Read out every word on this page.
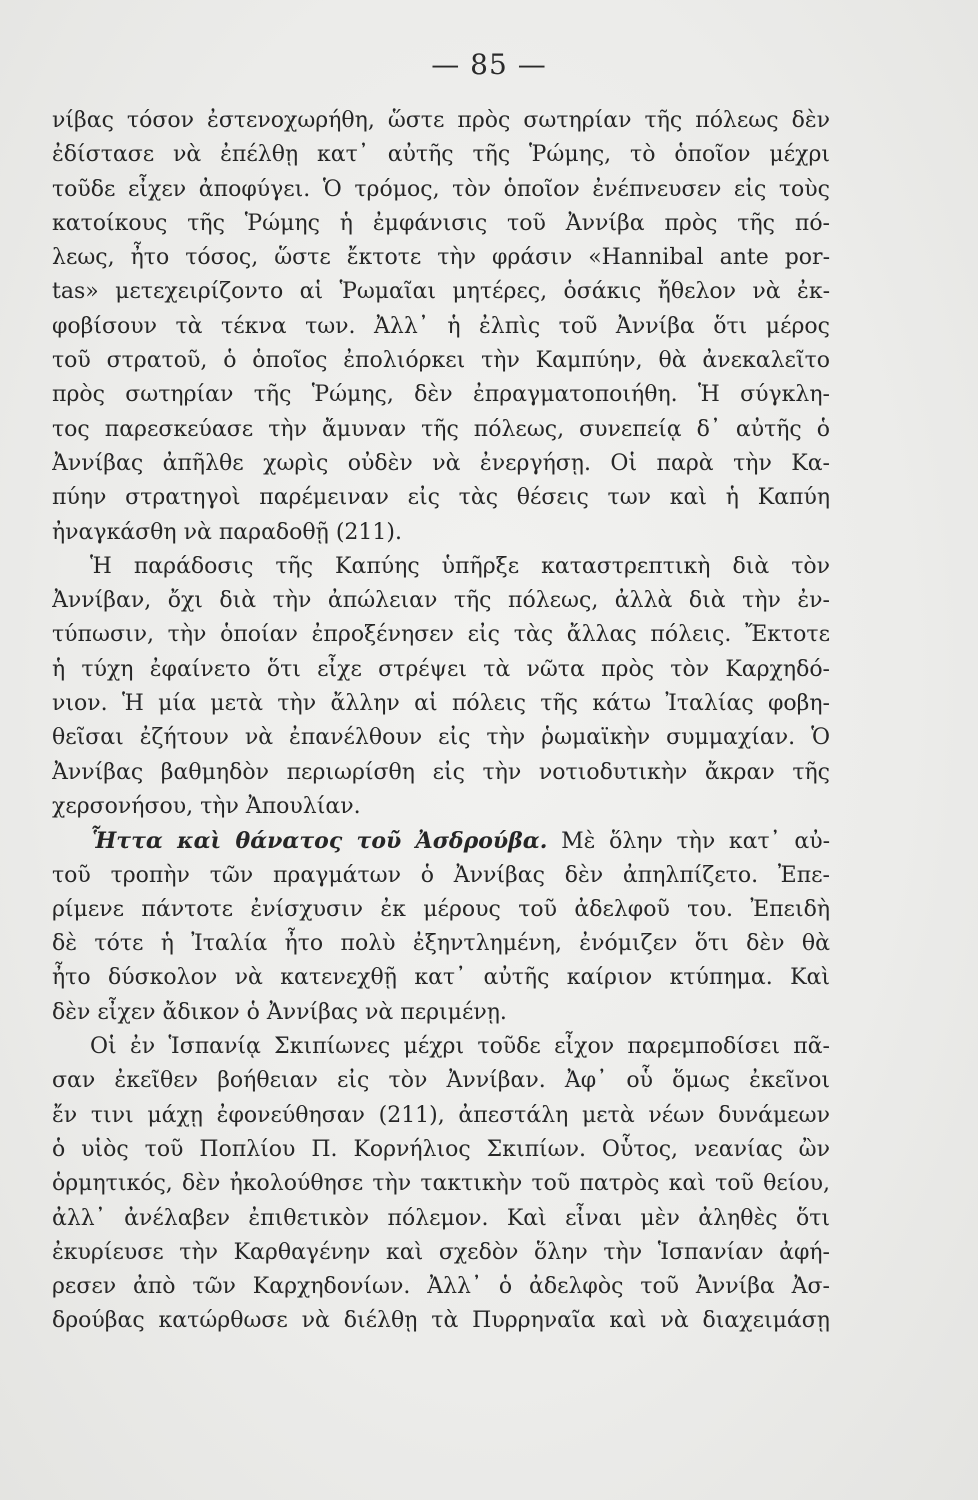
— 85 —
νίβας τόσον ἐστενοχωρήθη, ὥστε πρὸς σωτηρίαν τῆς πόλεως δὲν
ἐδίστασε νὰ ἐπέλθῃ κατ᾽ αὐτῆς τῆς Ῥώμης, τὸ ὁποῖον μέχρι
τοῦδε εἶχεν ἀποφύγει. Ὁ τρόμος, τὸν ὁποῖον ἐνέπνευσεν εἰς τοὺς
κατοίκους τῆς Ῥώμης ἡ ἐμφάνισις τοῦ Ἀννίβα πρὸς τῆς πό-
λεως, ἦτο τόσος, ὥστε ἔκτοτε τὴν φράσιν «Hannibal ante por-
tas» μετεχειρίζοντο αἱ Ῥωμαῖαι μητέρες, ὁσάκις ἤθελον νὰ ἐκ-
φοβίσουν τὰ τέκνα των. Ἀλλ᾽ ἡ ἐλπὶς τοῦ Ἀννίβα ὅτι μέρος
τοῦ στρατοῦ, ὁ ὁποῖος ἐπολιόρκει τὴν Καμπύην, θὰ ἀνεκαλεῖτο
πρὸς σωτηρίαν τῆς Ῥώμης, δὲν ἐπραγματοποιήθη. Ἡ σύγκλη-
τος παρεσκεύασε τὴν ἄμυναν τῆς πόλεως, συνεπείᾳ δ᾽ αὐτῆς ὁ
Ἀννίβας ἀπῆλθε χωρὶς οὐδὲν νὰ ἐνεργήσῃ. Οἱ παρὰ τὴν Κα-
πύην στρατηγοὶ παρέμειναν εἰς τὰς θέσεις των καὶ ἡ Καπύη
ἠναγκάσθη νὰ παραδοθῇ (211).
Ἡ παράδοσις τῆς Καπύης ὑπῆρξε καταστρεπτικὴ διὰ τὸν
Ἀννίβαν, ὄχι διὰ τὴν ἀπώλειαν τῆς πόλεως, ἀλλὰ διὰ τὴν ἐν-
τύπωσιν, τὴν ὁποίαν ἐπροξένησεν εἰς τὰς ἄλλας πόλεις. Ἔκτοτε
ἡ τύχη ἐφαίνετο ὅτι εἶχε στρέψει τὰ νῶτα πρὸς τὸν Καρχηδό-
νιον. Ἡ μία μετὰ τὴν ἄλλην αἱ πόλεις τῆς κάτω Ἰταλίας φοβη-
θεῖσαι ἐζήτουν νὰ ἐπανέλθουν εἰς τὴν ῥωμαϊκὴν συμμαχίαν. Ὁ
Ἀννίβας βαθμηδὸν περιωρίσθη εἰς τὴν νοτιοδυτικὴν ἄκραν τῆς
χερσονήσου, τὴν Ἀπουλίαν.
Ἧττα καὶ θάνατος τοῦ Ἀσδρούβα. Μὲ ὅλην τὴν κατ᾽ αὐ-
τοῦ τροπὴν τῶν πραγμάτων ὁ Ἀννίβας δὲν ἀπηλπίζετο. Ἐπε-
ρίμενε πάντοτε ἐνίσχυσιν ἐκ μέρους τοῦ ἀδελφοῦ του. Ἐπειδὴ
δὲ τότε ἡ Ἰταλία ἦτο πολὺ ἐξηντλημένη, ἐνόμιζεν ὅτι δὲν θὰ
ἦτο δύσκολον νὰ κατενεχθῇ κατ᾽ αὐτῆς καίριον κτύπημα. Καὶ
δὲν εἶχεν ἄδικον ὁ Ἀννίβας νὰ περιμένῃ.
Οἱ ἐν Ἱσπανίᾳ Σκιπίωνες μέχρι τοῦδε εἶχον παρεμποδίσει πᾶ-
σαν ἐκεῖθεν βοήθειαν εἰς τὸν Ἀννίβαν. Ἀφ᾽ οὗ ὅμως ἐκεῖνοι
ἔν τινι μάχῃ ἐφονεύθησαν (211), ἀπεστάλη μετὰ νέων δυνάμεων
ὁ υἱὸς τοῦ Ποπλίου Π. Κορνήλιος Σκιπίων. Οὗτος, νεανίας ὢν
ὁρμητικός, δὲν ἠκολούθησε τὴν τακτικὴν τοῦ πατρὸς καὶ τοῦ θείου,
ἀλλ᾽ ἀνέλαβεν ἐπιθετικὸν πόλεμον. Καὶ εἶναι μὲν ἀληθὲς ὅτι
ἐκυρίευσε τὴν Καρθαγένην καὶ σχεδὸν ὅλην τὴν Ἱσπανίαν ἀφή-
ρεσεν ἀπὸ τῶν Καρχηδονίων. Ἀλλ᾽ ὁ ἀδελφὸς τοῦ Ἀννίβα Ἀσ-
δρούβας κατώρθωσε νὰ διέλθῃ τὰ Πυρρηναῖα καὶ νὰ διαχειμάσῃ
